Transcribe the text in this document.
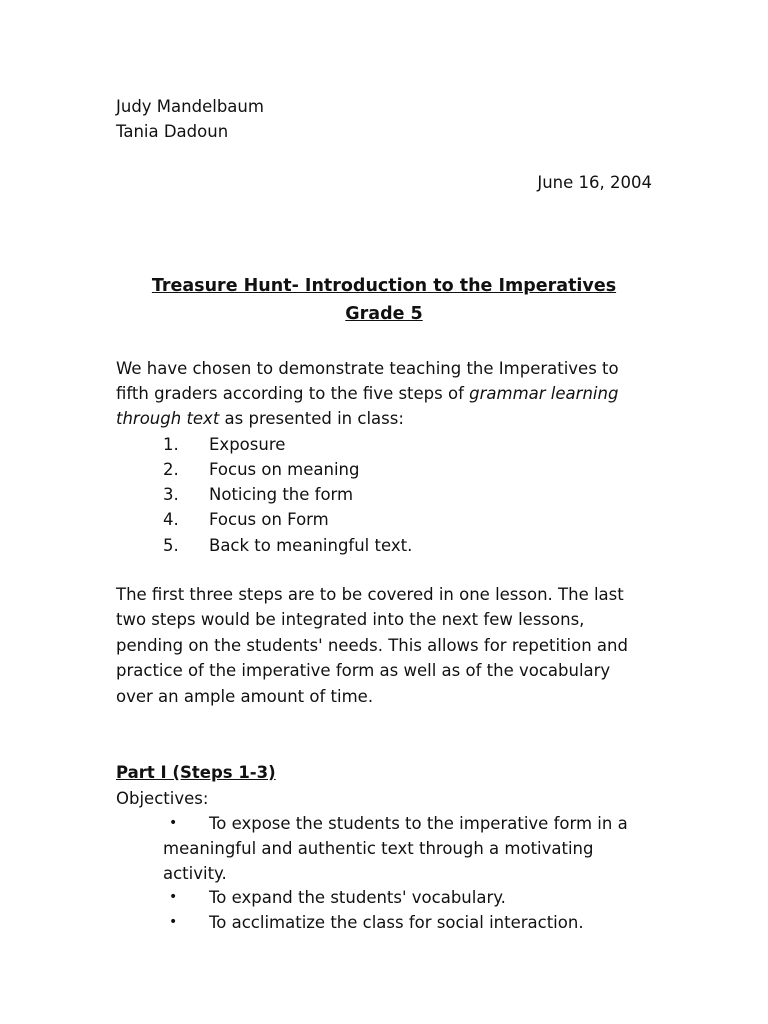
Judy Mandelbaum
Tania Dadoun
June 16, 2004
Treasure Hunt- Introduction to the Imperatives
Grade 5
We have chosen to demonstrate teaching the Imperatives to
fifth graders according to the five steps of grammar learning
through text as presented in class:
1. Exposure
2. Focus on meaning
3. Noticing the form
4. Focus on Form
5. Back to meaningful text.
The first three steps are to be covered in one lesson. The last
two steps would be integrated into the next few lessons,
pending on the students' needs. This allows for repetition and
practice of the imperative form as well as of the vocabulary
over an ample amount of time.
Part I (Steps 1-3)
Objectives:
• To expose the students to the imperative form in a
meaningful and authentic text through a motivating
activity.
• To expand the students' vocabulary.
• To acclimatize the class for social interaction.
